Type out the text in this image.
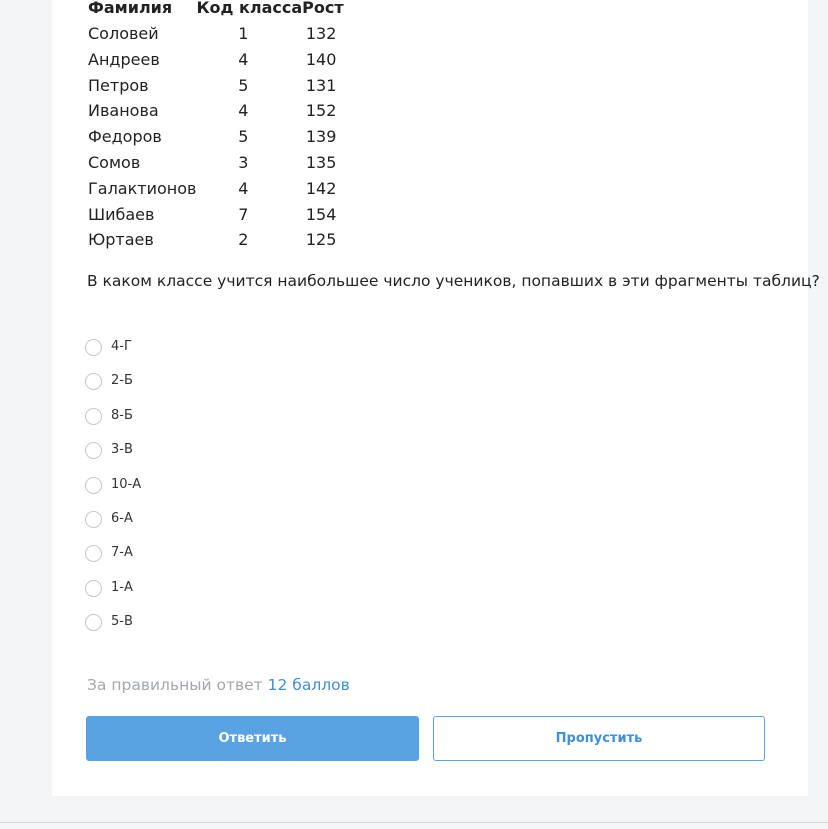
Фамилия	Код класса	Рост
Соловей	1	132
Андреев	4	140
Петров	5	131
Иванова	4	152
Федоров	5	139
Сомов	3	135
Галактионов	4	142
Шибаев	7	154
Юртаев	2	125
В каком классе учится наибольшее число учеников, попавших в эти фрагменты таблиц?
4-Г
2-Б
8-Б
3-В
10-А
6-А
7-А
1-А
5-В
За правильный ответ 12 баллов
Ответить	Пропустить
